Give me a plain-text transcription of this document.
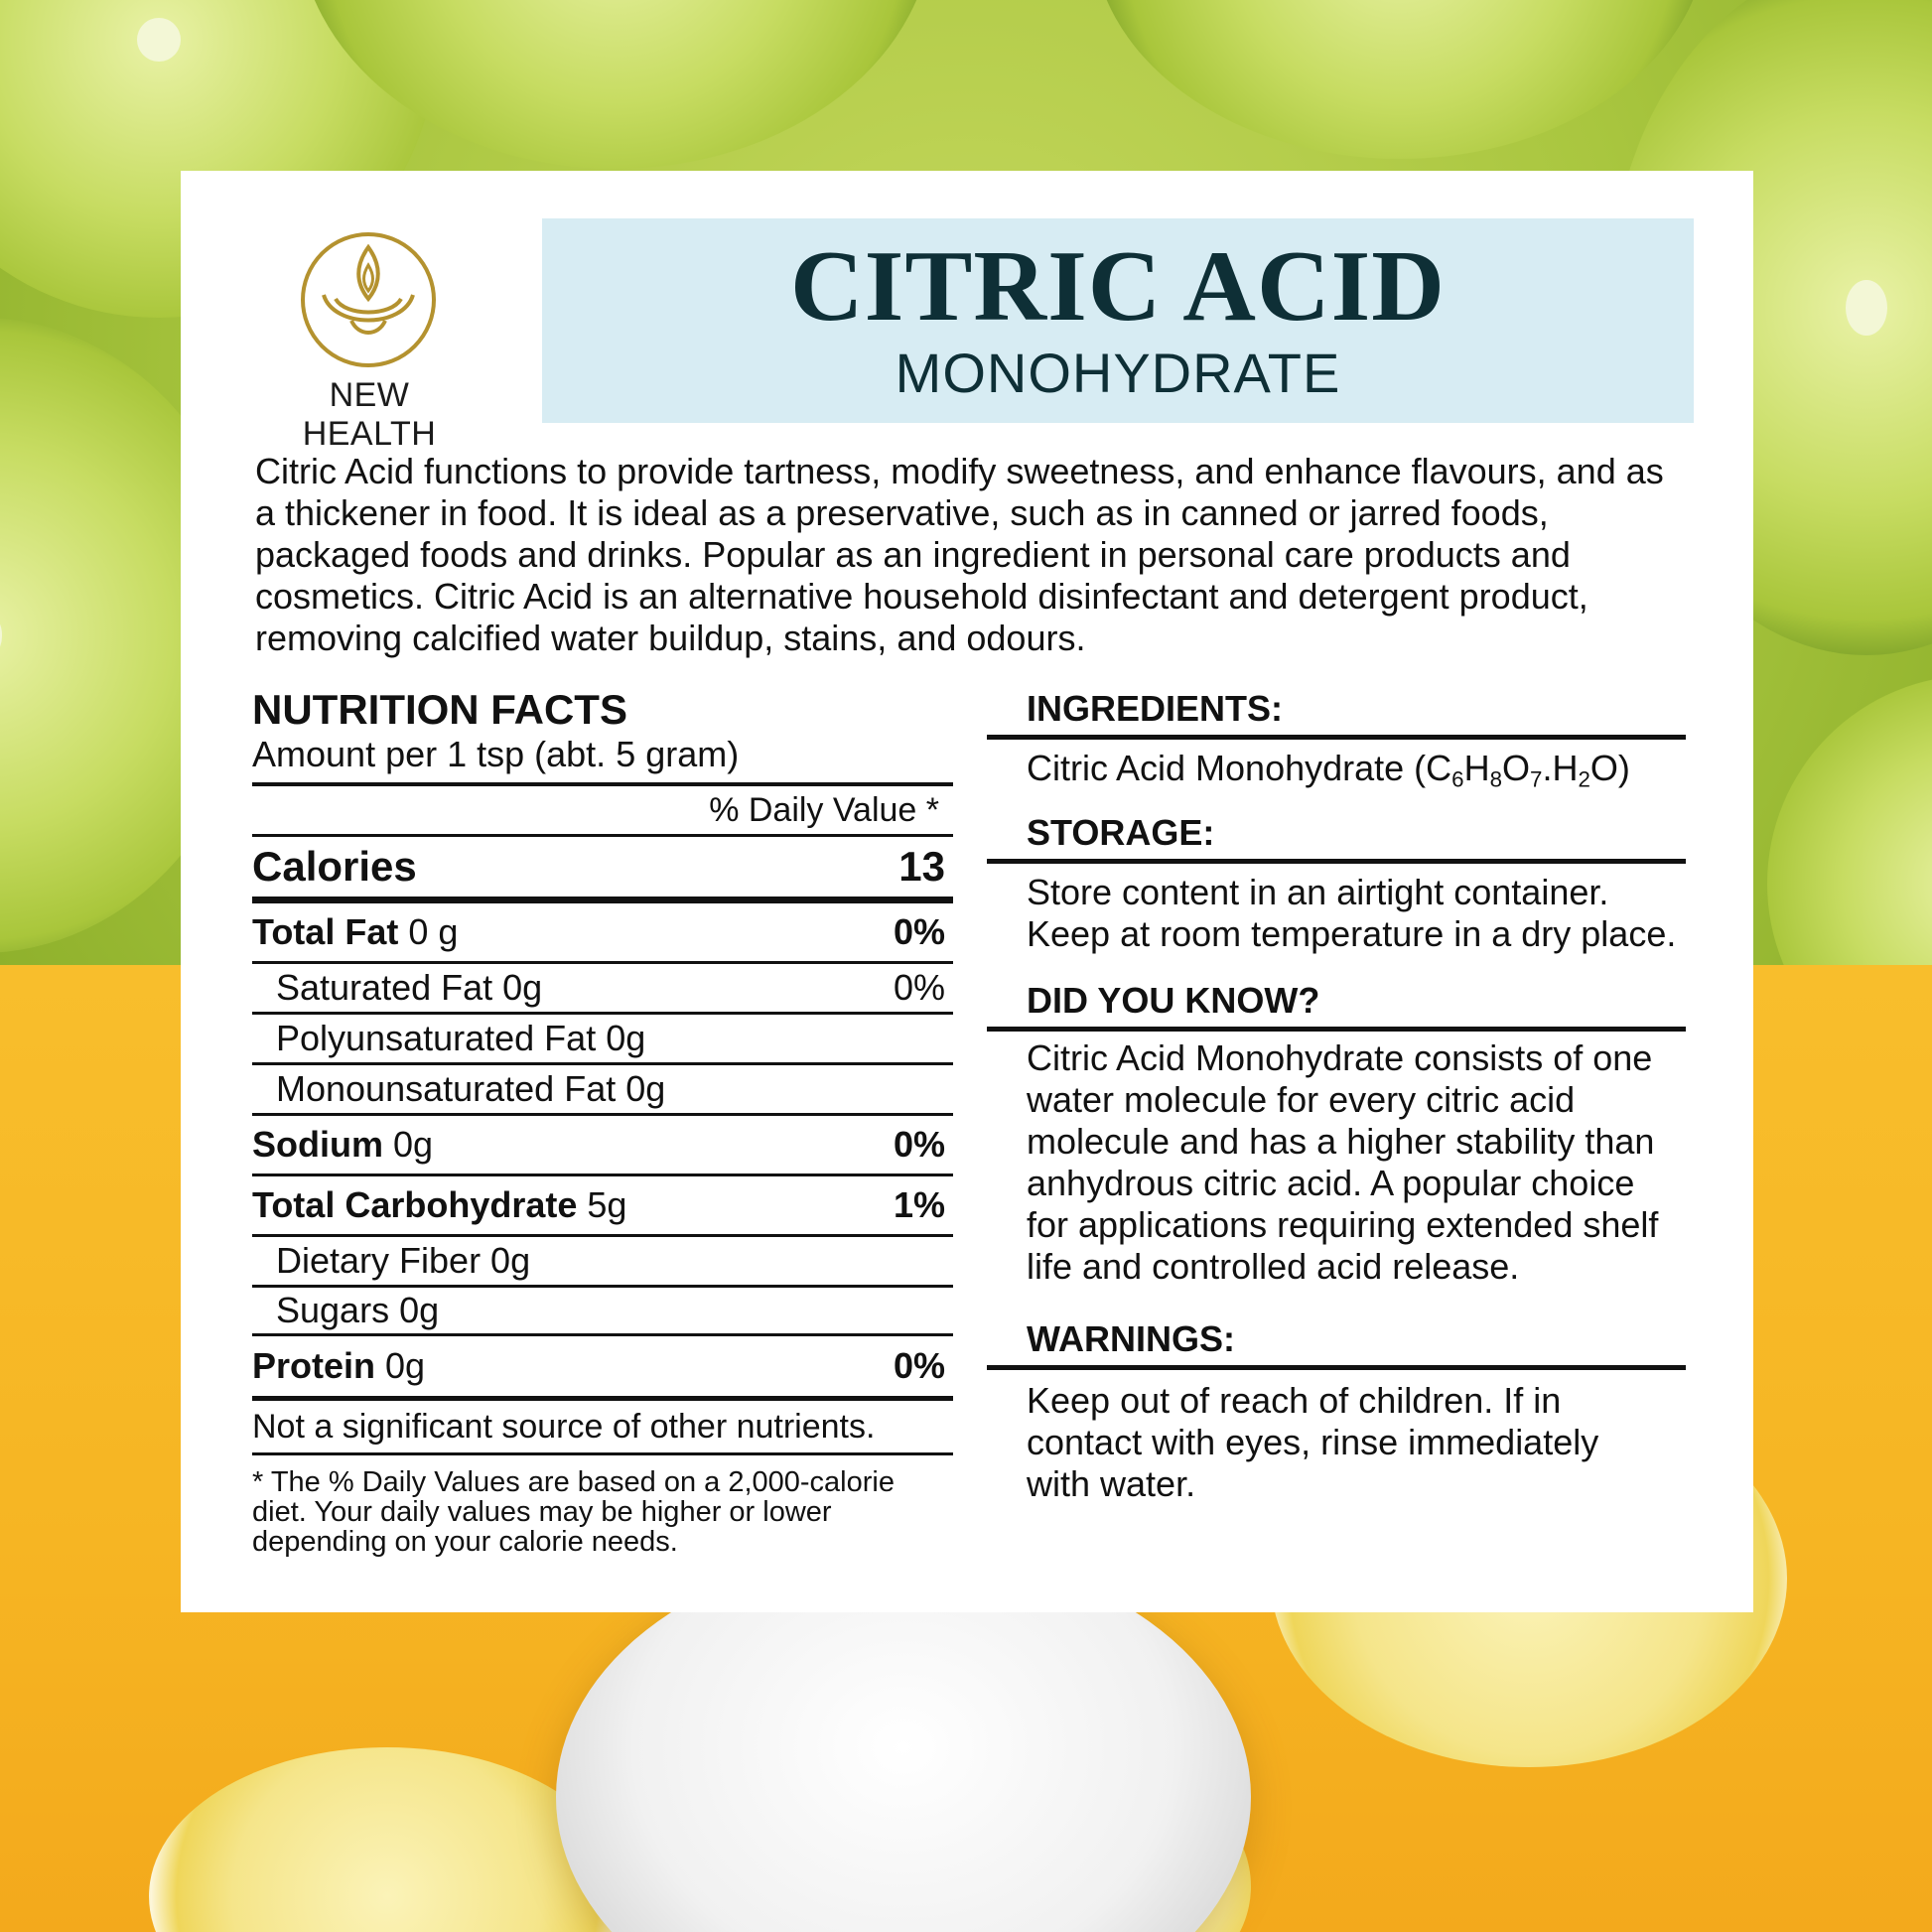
NEW HEALTH
CITRIC ACID
MONOHYDRATE
Citric Acid functions to provide tartness, modify sweetness, and enhance flavours, and as a thickener in food. It is ideal as a preservative, such as in canned or jarred foods, packaged foods and drinks. Popular as an ingredient in personal care products and cosmetics. Citric Acid is an alternative household disinfectant and detergent product, removing calcified water buildup, stains, and odours.
NUTRITION FACTS
Amount per 1 tsp (abt. 5 gram)
% Daily Value *
Calories	13
Total Fat 0 g	0%
Saturated Fat 0g	0%
Polyunsaturated Fat 0g
Monounsaturated Fat 0g
Sodium 0g	0%
Total Carbohydrate 5g	1%
Dietary Fiber 0g
Sugars 0g
Protein 0g	0%
Not a significant source of other nutrients.
* The % Daily Values are based on a 2,000-calorie diet. Your daily values may be higher or lower depending on your calorie needs.
INGREDIENTS:
Citric Acid Monohydrate $(C_6H_8O_7.H_2O)$
STORAGE:
Store content in an airtight container. Keep at room temperature in a dry place.
DID YOU KNOW?
Citric Acid Monohydrate consists of one water molecule for every citric acid molecule and has a higher stability than anhydrous citric acid. A popular choice for applications requiring extended shelf life and controlled acid release.
WARNINGS:
Keep out of reach of children. If in contact with eyes, rinse immediately with water.
